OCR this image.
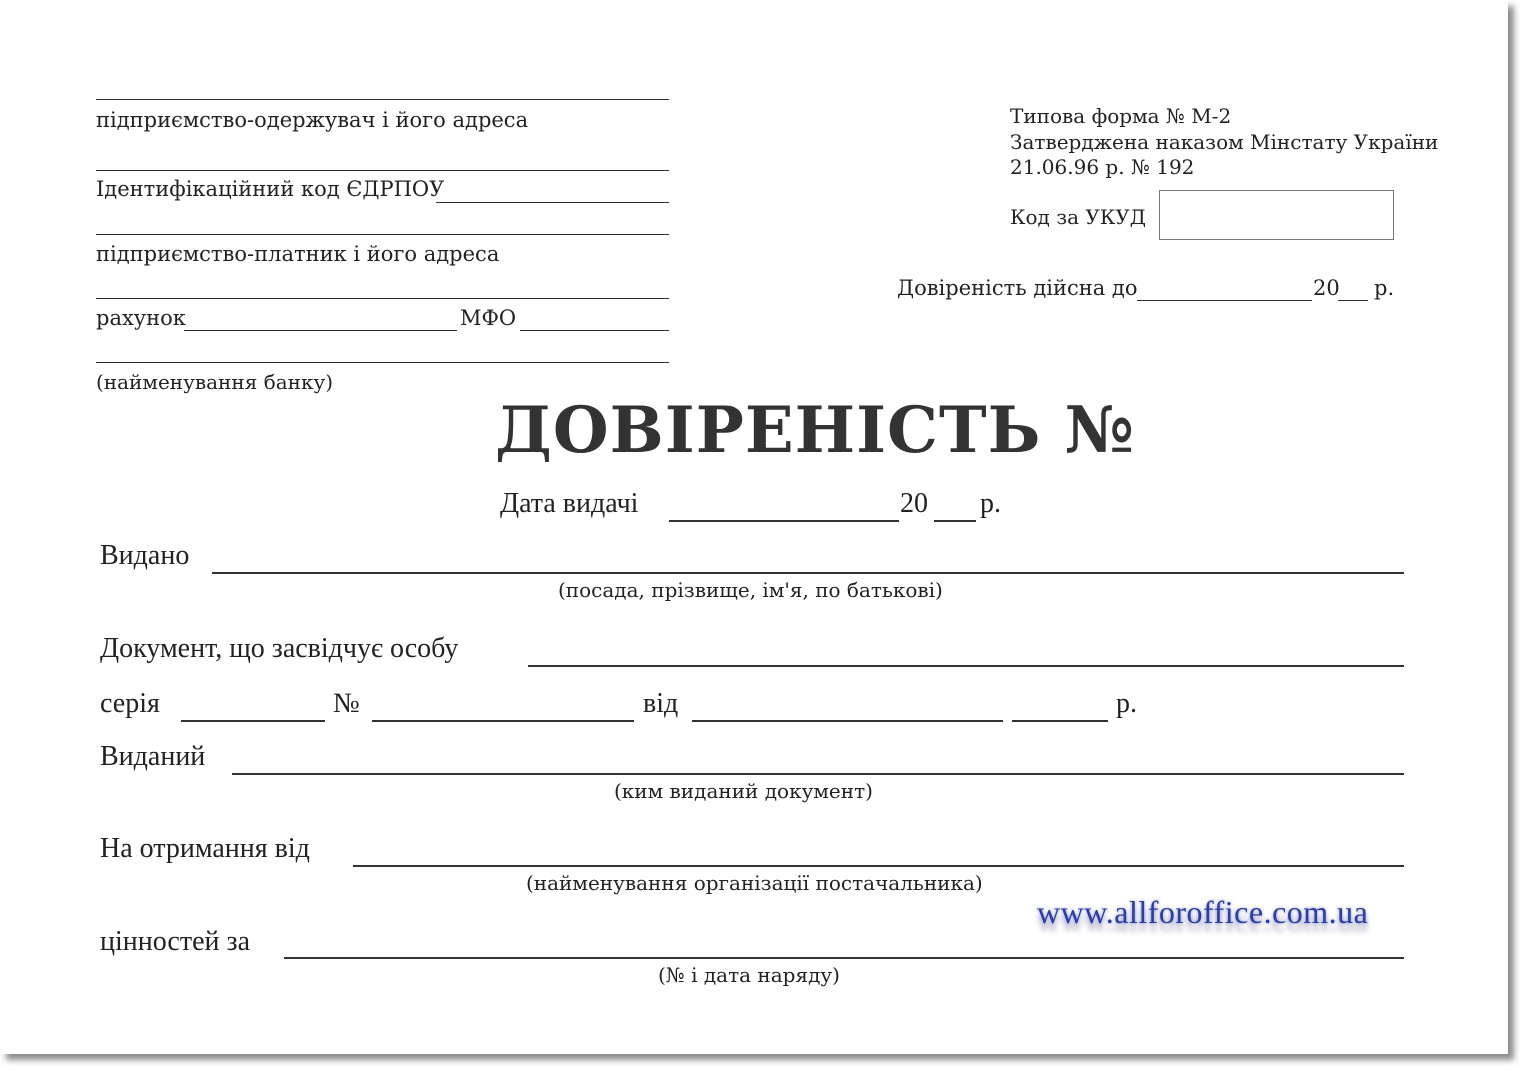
підприємство-одержувач і його адреса
Ідентифікаційний код ЄДРПОУ
підприємство-платник і його адреса
рахунок	МФО
(найменування банку)
Типова форма № М-2
Затверджена наказом Мінстату України
21.06.96 р. № 192
Код за УКУД
Довіреність дійсна до	20 р.
ДОВІРЕНІСТЬ №
Дата видачі	20 р.
Видано
(посада, прізвище, ім'я, по батькові)
Документ, що засвідчує особу
серія	№	від	р.
Виданий
(ким виданий документ)
На отримання від
(найменування організації постачальника)
цінностей за
(№ і дата наряду)
www.allforoffice.com.ua
